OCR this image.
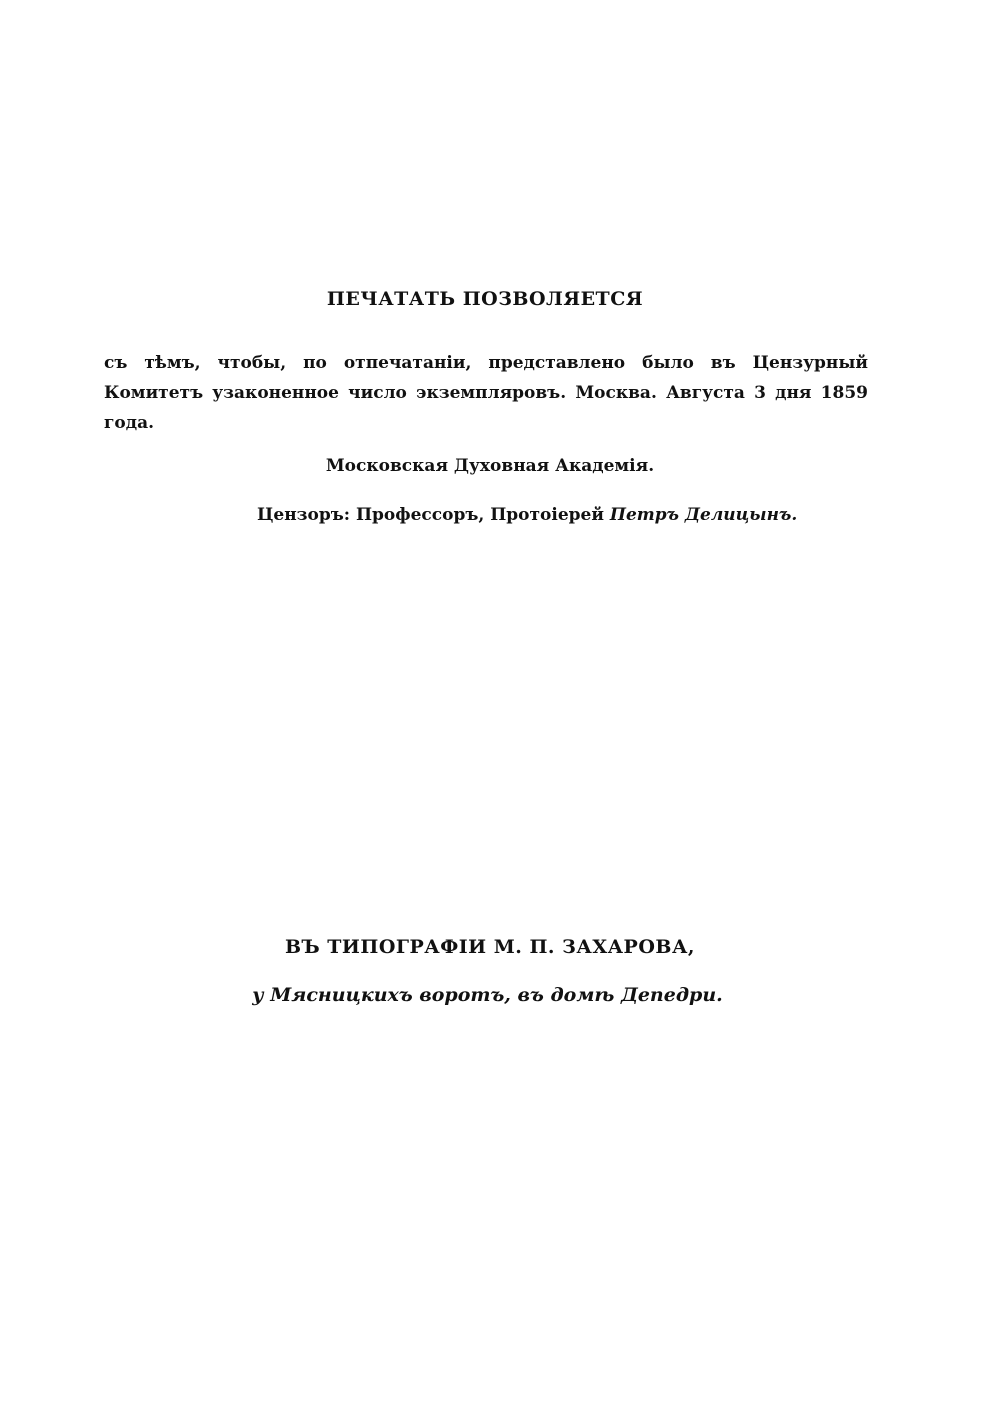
ПЕЧАТАТЬ ПОЗВОЛЯЕТСЯ
съ тѣмъ, чтобы, по отпечатаніи, представлено было въ Цензурный
Комитетъ узаконенное число экземпляровъ. Москва. Августа 3 дня 1859
года.
Московская Духовная Академія.
Цензоръ: Профессоръ, Протоіерей Петръ Делицынъ.
ВЪ ТИПОГРАФІИ М. П. ЗАХАРОВА,
у Мясницкихъ воротъ, въ домѣ Депедри.
